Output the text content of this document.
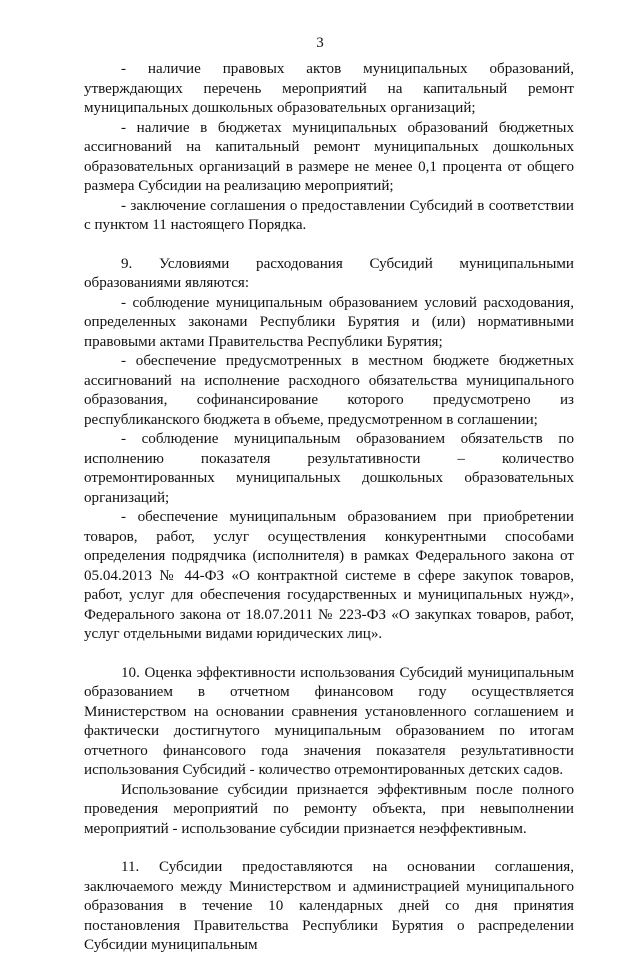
3

- наличие правовых актов муниципальных образований, утверждающих перечень мероприятий на капитальный ремонт муниципальных дошкольных образовательных организаций;

- наличие в бюджетах муниципальных образований бюджетных ассигнований на капитальный ремонт муниципальных дошкольных образовательных организаций в размере не менее 0,1 процента от общего размера Субсидии на реализацию мероприятий;

- заключение соглашения о предоставлении Субсидий в соответствии с пунктом 11 настоящего Порядка.

9. Условиями расходования Субсидий муниципальными образованиями являются:

- соблюдение муниципальным образованием условий расходования, определенных законами Республики Бурятия и (или) нормативными правовыми актами Правительства Республики Бурятия;

- обеспечение предусмотренных в местном бюджете бюджетных ассигнований на исполнение расходного обязательства муниципального образования, софинансирование которого предусмотрено из республиканского бюджета в объеме, предусмотренном в соглашении;

- соблюдение муниципальным образованием обязательств по исполнению показателя результативности – количество отремонтированных муниципальных дошкольных образовательных организаций;

- обеспечение муниципальным образованием при приобретении товаров, работ, услуг осуществления конкурентными способами определения подрядчика (исполнителя) в рамках Федерального закона от 05.04.2013 № 44-ФЗ «О контрактной системе в сфере закупок товаров, работ, услуг для обеспечения государственных и муниципальных нужд», Федерального закона от 18.07.2011 № 223-ФЗ «О закупках товаров, работ, услуг отдельными видами юридических лиц».

10. Оценка эффективности использования Субсидий муниципальным образованием в отчетном финансовом году осуществляется Министерством на основании сравнения установленного соглашением и фактически достигнутого муниципальным образованием по итогам отчетного финансового года значения показателя результативности использования Субсидий - количество отремонтированных детских садов.

Использование субсидии признается эффективным после полного проведения мероприятий по ремонту объекта, при невыполнении мероприятий - использование субсидии признается неэффективным.

11. Субсидии предоставляются на основании соглашения, заключаемого между Министерством и администрацией муниципального образования в течение 10 календарных дней со дня принятия постановления Правительства Республики Бурятия о распределении Субсидии муниципальным
